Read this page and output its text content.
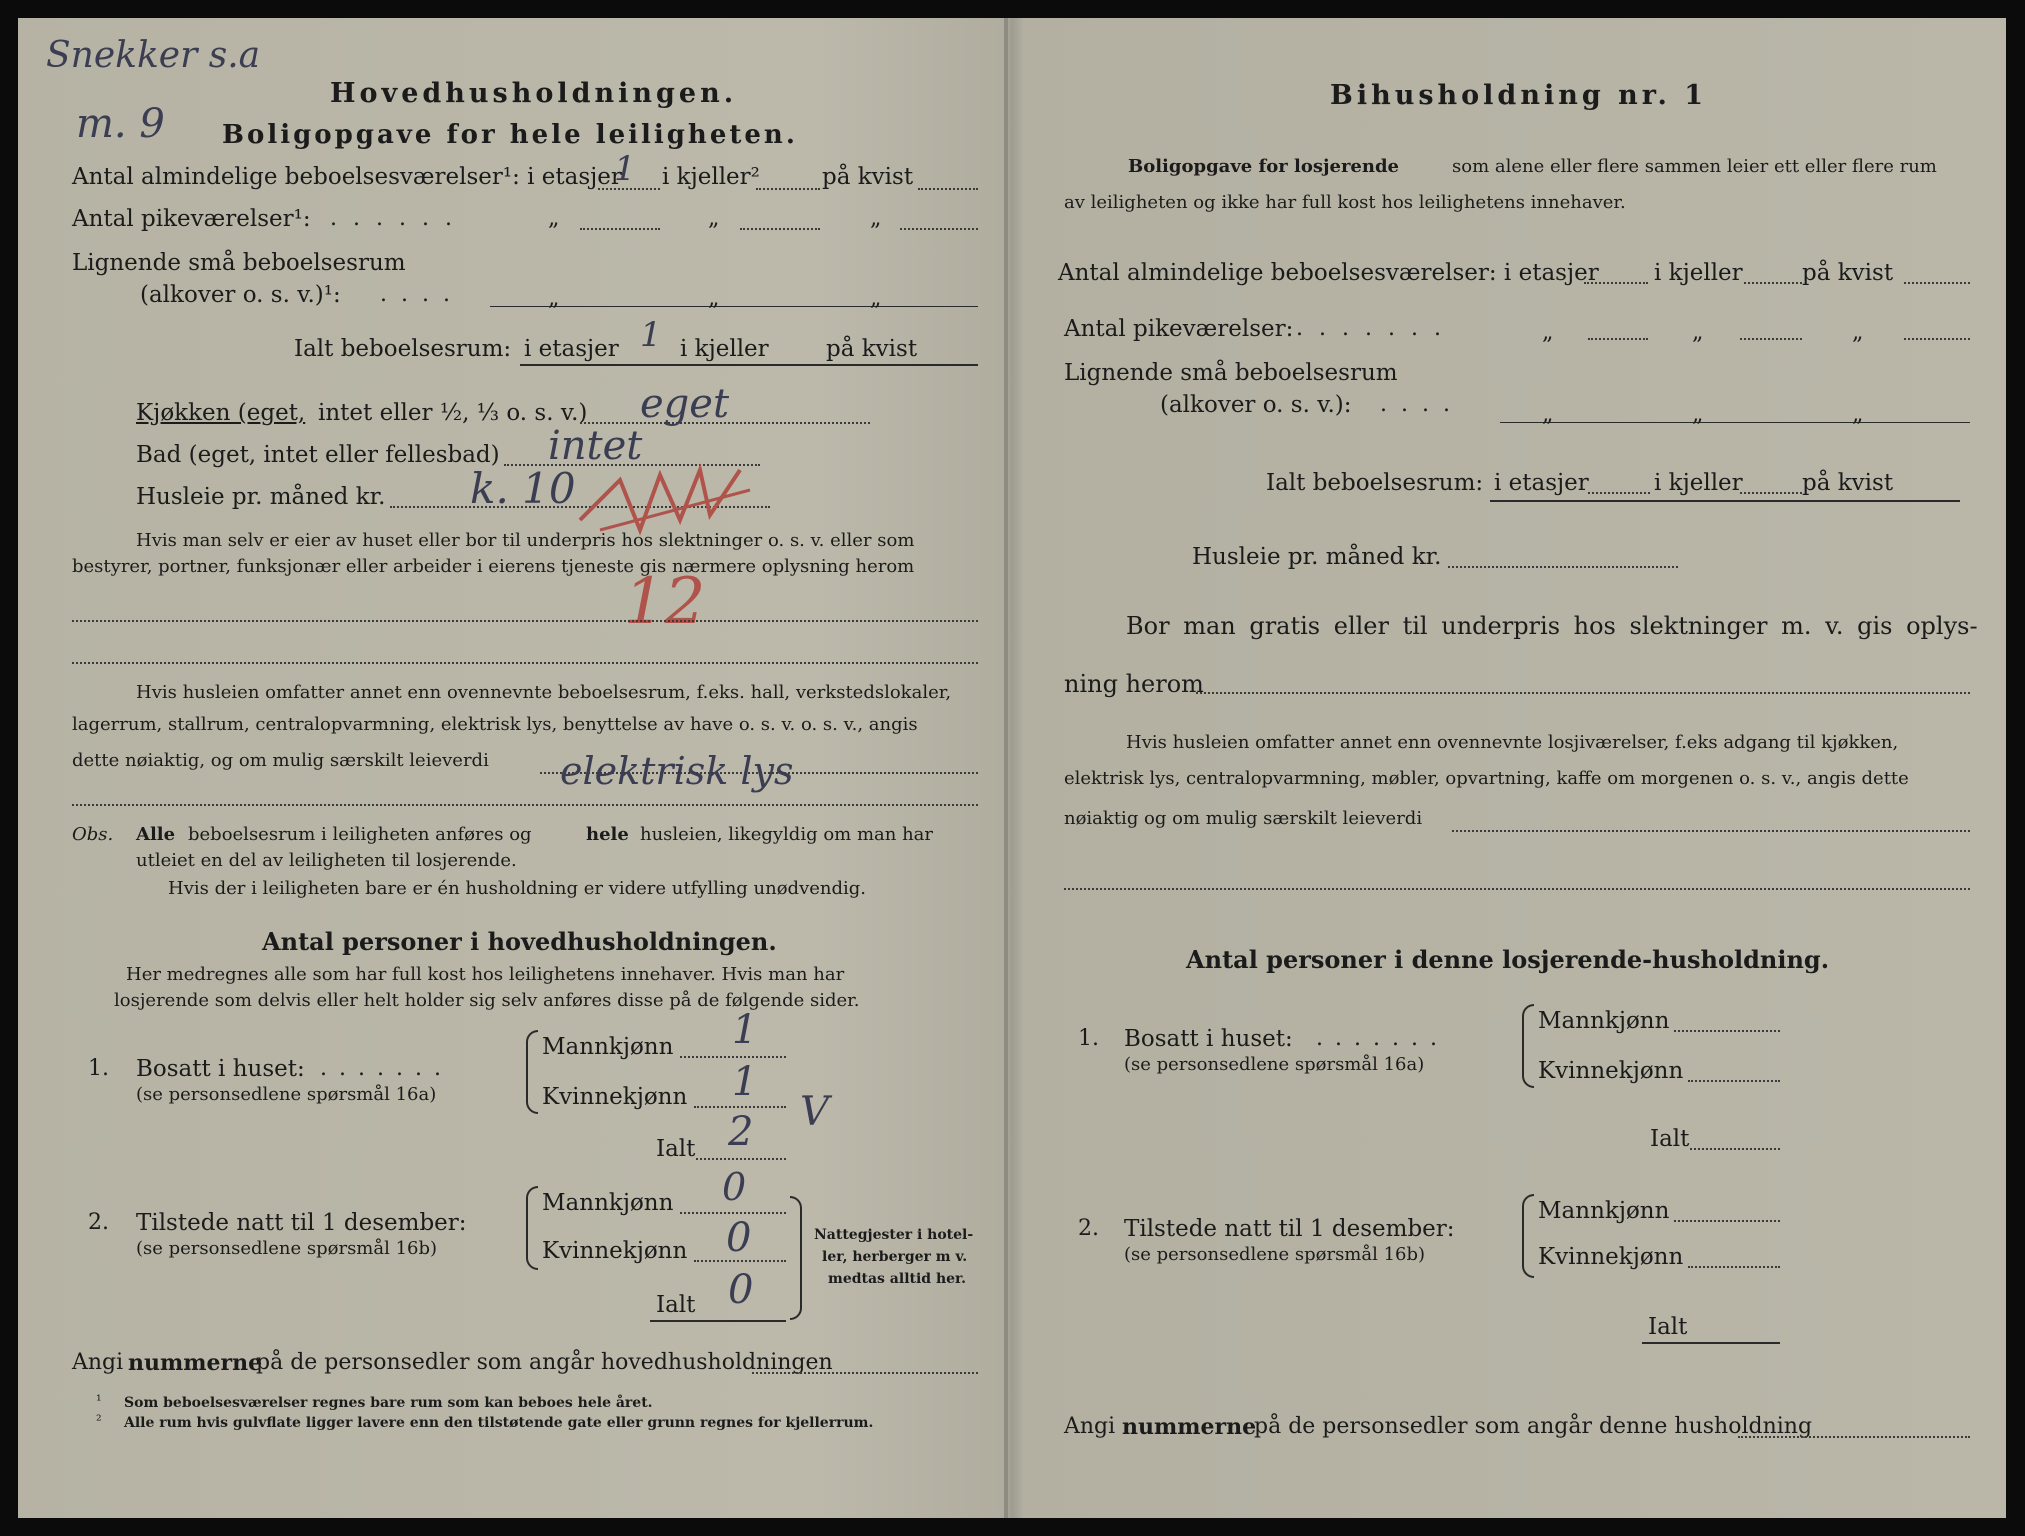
Snekker s.a
m. 9
Hovedhusholdningen.
Boligopgave for hele leiligheten.
Antal almindelige beboelsesværelser¹: i etasjer
1 i kjeller²	på kvist
Antal pikeværelser¹: ......	„	„	„
Lignende små beboelsesrum
(alkover o. s. v.)¹: ....	„	„	„
Ialt beboelsesrum: i etasjer 1 i kjeller på kvist
Kjøkken (eget, intet eller ½, ⅓ o. s. v.) eget
Bad (eget, intet eller fellesbad) intet
Husleie pr. måned kr. k. 10
12
Hvis man selv er eier av huset eller bor til underpris hos slektninger o. s. v. eller som
bestyrer, portner, funksjonær eller arbeider i eierens tjeneste gis nærmere oplysning herom
Hvis husleien omfatter annet enn ovennevnte beboelsesrum, f.eks. hall, verkstedslokaler,
lagerrum, stallrum, centralopvarmning, elektrisk lys, benyttelse av have o. s. v. o. s. v., angis
dette nøiaktig, og om mulig særskilt leieverdi elektrisk lys
Obs. Alle beboelsesrum i leiligheten anføres og	hele husleien, likegyldig om man har
utleiet en del av leiligheten til losjerende.
Hvis der i leiligheten bare er én husholdning er videre utfylling unødvendig.
Antal personer i hovedhusholdningen.
Her medregnes alle som har full kost hos leilighetens innehaver. Hvis man har
losjerende som delvis eller helt holder sig selv anføres disse på de følgende sider.
1. Bosatt i huset: .......
(se personsedlene spørsmål 16a)
Mannkjønn 1
Kvinnekjønn 1
Ialt 2 V
2. Tilstede natt til 1 desember:
(se personsedlene spørsmål 16b)
Mannkjønn 0
Kvinnekjønn 0
Ialt 0
Nattegjester i hotel-
ler, herberger m v.
medtas alltid her.
Angi nummerne
på de personsedler som angår hovedhusholdningen
¹ Som beboelsesværelser regnes bare rum som kan beboes hele året.
² Alle rum hvis gulvflate ligger lavere enn den tilstøtende gate eller grunn regnes for kjellerrum.
Bihusholdning nr. 1
Boligopgave for losjerende	som alene eller flere sammen leier ett eller flere rum
av leiligheten og ikke har full kost hos leilighetens innehaver.
Antal almindelige beboelsesværelser: i etasjer i kjeller	på kvist
Antal pikeværelser: .......	„	„	„
Lignende små beboelsesrum
(alkover o. s. v.): ....	„	„	„
Ialt beboelsesrum: i etasjer	i kjeller	på kvist
Husleie pr. måned kr.
Bor man gratis eller til underpris hos slektninger m. v. gis oplys-
ning herom
Hvis husleien omfatter annet enn ovennevnte losjiværelser, f.eks adgang til kjøkken,
elektrisk lys, centralopvarmning, møbler, opvartning, kaffe om morgenen o. s. v., angis dette
nøiaktig og om mulig særskilt leieverdi
Antal personer i denne losjerende-husholdning.
1. Bosatt i huset: .......
(se personsedlene spørsmål 16a)
Mannkjønn
Kvinnekjønn
Ialt
2. Tilstede natt til 1 desember:
(se personsedlene spørsmål 16b)
Mannkjønn
Kvinnekjønn
Ialt
Angi nummerne
på de personsedler som angår denne husholdning
